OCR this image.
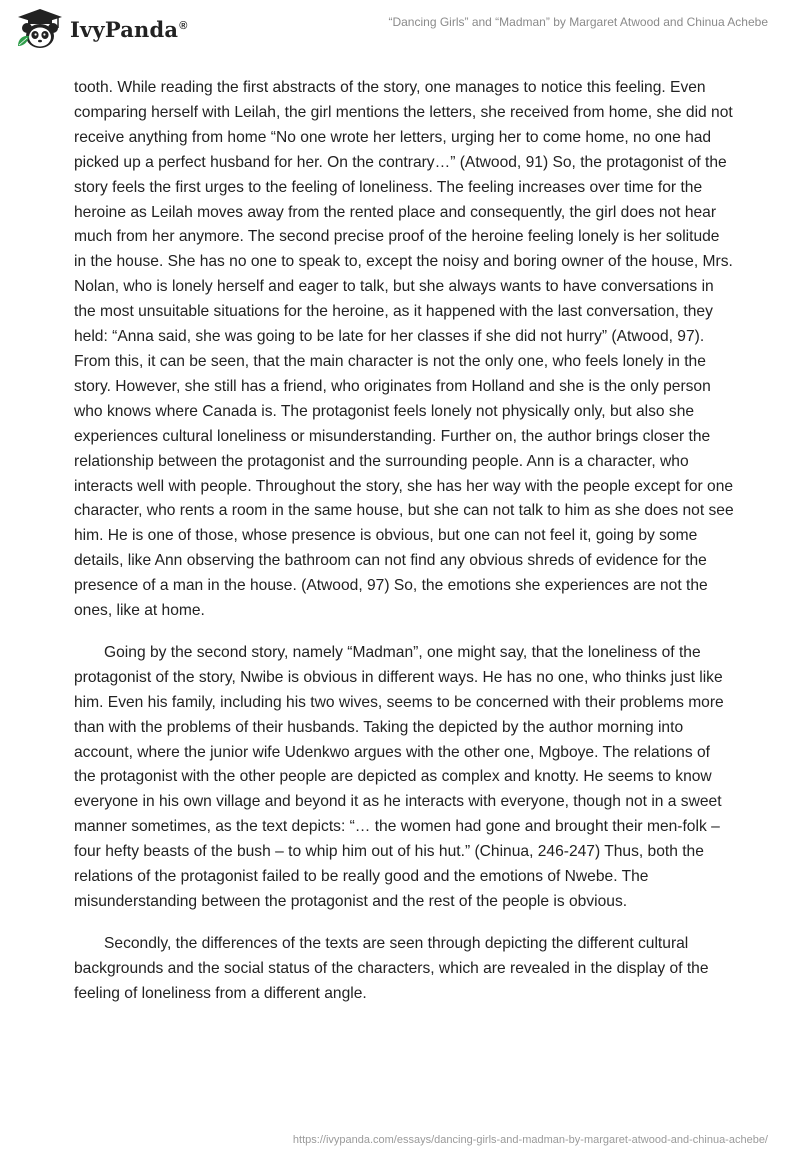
IvyPanda®	“Dancing Girls” and “Madman” by Margaret Atwood and Chinua Achebe

tooth. While reading the first abstracts of the story, one manages to notice this feeling. Even comparing herself with Leilah, the girl mentions the letters, she received from home, she did not receive anything from home “No one wrote her letters, urging her to come home, no one had picked up a perfect husband for her. On the contrary…” (Atwood, 91) So, the protagonist of the story feels the first urges to the feeling of loneliness. The feeling increases over time for the heroine as Leilah moves away from the rented place and consequently, the girl does not hear much from her anymore. The second precise proof of the heroine feeling lonely is her solitude in the house. She has no one to speak to, except the noisy and boring owner of the house, Mrs. Nolan, who is lonely herself and eager to talk, but she always wants to have conversations in the most unsuitable situations for the heroine, as it happened with the last conversation, they held: “Anna said, she was going to be late for her classes if she did not hurry” (Atwood, 97). From this, it can be seen, that the main character is not the only one, who feels lonely in the story. However, she still has a friend, who originates from Holland and she is the only person who knows where Canada is. The protagonist feels lonely not physically only, but also she experiences cultural loneliness or misunderstanding. Further on, the author brings closer the relationship between the protagonist and the surrounding people. Ann is a character, who interacts well with people. Throughout the story, she has her way with the people except for one character, who rents a room in the same house, but she can not talk to him as she does not see him. He is one of those, whose presence is obvious, but one can not feel it, going by some details, like Ann observing the bathroom can not find any obvious shreds of evidence for the presence of a man in the house. (Atwood, 97) So, the emotions she experiences are not the ones, like at home.

Going by the second story, namely “Madman”, one might say, that the loneliness of the protagonist of the story, Nwibe is obvious in different ways. He has no one, who thinks just like him. Even his family, including his two wives, seems to be concerned with their problems more than with the problems of their husbands. Taking the depicted by the author morning into account, where the junior wife Udenkwo argues with the other one, Mgboye. The relations of the protagonist with the other people are depicted as complex and knotty. He seems to know everyone in his own village and beyond it as he interacts with everyone, though not in a sweet manner sometimes, as the text depicts: “… the women had gone and brought their men-folk – four hefty beasts of the bush – to whip him out of his hut.” (Chinua, 246-247) Thus, both the relations of the protagonist failed to be really good and the emotions of Nwebe. The misunderstanding between the protagonist and the rest of the people is obvious.

Secondly, the differences of the texts are seen through depicting the different cultural backgrounds and the social status of the characters, which are revealed in the display of the feeling of loneliness from a different angle.

https://ivypanda.com/essays/dancing-girls-and-madman-by-margaret-atwood-and-chinua-achebe/
